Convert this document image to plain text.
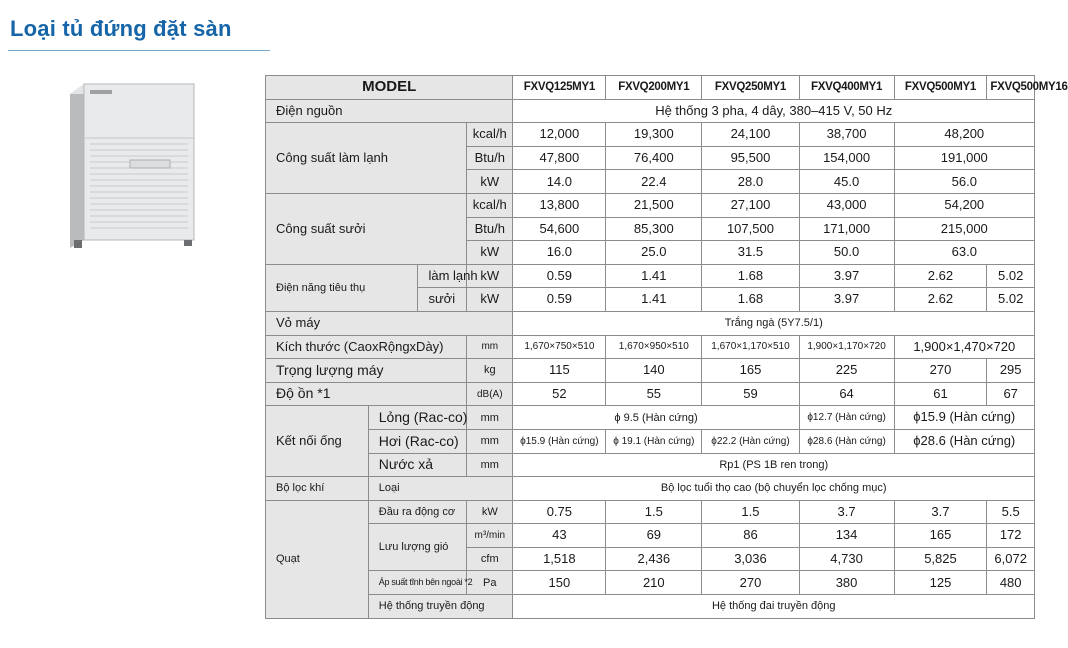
Loại tủ đứng đặt sàn

MODEL				FXVQ125MY1		FXVQ200MY1		FXVQ250MY1		FXVQ400MY1		FXVQ500MY1		FXVQ500MY16
Điện nguồn				Hệ thống 3 pha, 4 dây, 380–415 V, 50 Hz										
Công suất làm lạnh			kcal/h	12,000		19,300		24,100		38,700		48,200		
			Btu/h	47,800		76,400		95,500		154,000		191,000		
			kW	14.0		22.4		28.0		45.0		56.0		
Công suất sưởi			kcal/h	13,800		21,500		27,100		43,000		54,200		
			Btu/h	54,600		85,300		107,500		171,000		215,000		
			kW	16.0		25.0		31.5		50.0		63.0		
Điện năng tiêu thụ		làm lạnh	kW	0.59		1.41		1.68		3.97		2.62		5.02
		sưởi	kW	0.59		1.41		1.68		3.97		2.62		5.02
Vỏ máy				Trắng ngà (5Y7.5/1)										
Kích thước (CaoxRộngxDày)			mm	1,670×750×510		1,670×950×510		1,670×1,170×510		1,900×1,170×720		1,900×1,470×720		
Trọng lượng máy			kg	115		140		165		225		270		295
Độ ồn *1			dB(A)	52		55		59		64		61		67
Kết nối ống	Lỏng (Rac-co)		mm	ϕ 9.5 (Hàn cứng)						ϕ12.7 (Hàn cứng)		ϕ15.9 (Hàn cứng)		
	Hơi (Rac-co)		mm	ϕ15.9 (Hàn cứng)		ϕ 19.1 (Hàn cứng)		ϕ22.2 (Hàn cứng)		ϕ28.6 (Hàn cứng)		ϕ28.6 (Hàn cứng)		
	Nước xả		mm	Rp1 (PS 1B ren trong)										
Bộ lọc khí	Loại			Bộ lọc tuổi thọ cao (bộ chuyển lọc chống mục)										
Quạt	Đầu ra động cơ		kW	0.75		1.5		1.5		3.7		3.7		5.5
	Lưu lượng gió		m³/min	43		69		86		134		165		172
			cfm	1,518		2,436		3,036		4,730		5,825		6,072
	Áp suất tĩnh bên ngoài *2		Pa	150		210		270		380		125		480
	Hệ thống truyền động			Hệ thống đai truyền động										
